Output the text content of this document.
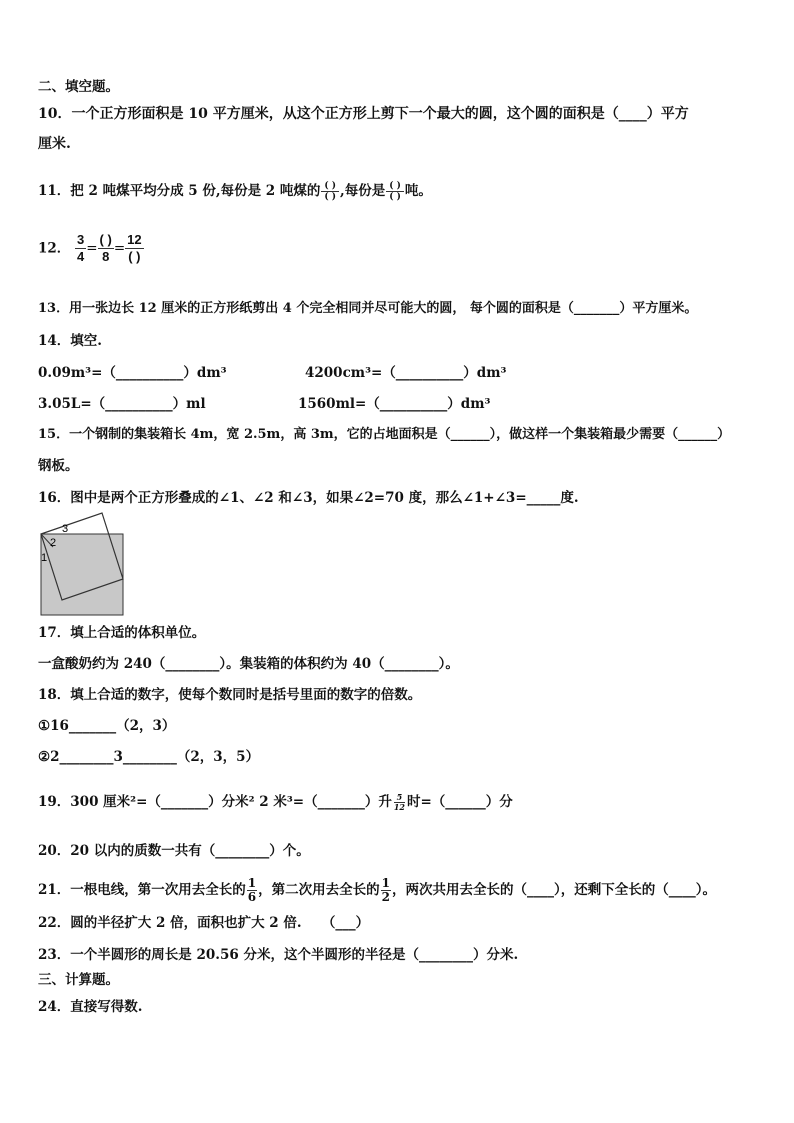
二、填空题。
10．一个正方形面积是 10 平方厘米，从这个正方形上剪下一个最大的圆，这个圆的面积是（____）平方
厘米.
11．把 2 吨煤平均分成 5 份,每份是 2 吨煤的 $\frac{( )}{( )}$ ,每份是 $\frac{( )}{( )}$ 吨。
12． $\frac{3}{4} = \frac{( )}{8} = \frac{12}{( )}$
13．用一张边长 12 厘米的正方形纸剪出 4 个完全相同并尽可能大的圆， 每个圆的面积是（_______）平方厘米。
14．填空.
0.09m³=（__________）dm³	4200cm³=（__________）dm³
3.05L=（__________）ml	1560ml=（__________）dm³
15．一个钢制的集装箱长 4m，宽 2.5m，高 3m，它的占地面积是（______），做这样一个集装箱最少需要（______）
钢板。
16．图中是两个正方形叠成的∠1、∠2 和∠3，如果∠2=70 度，那么∠1+∠3=_____度.
3
2
1
17．填上合适的体积单位。
一盒酸奶约为 240（________）。集装箱的体积约为 40（________）。
18．填上合适的数字，使每个数同时是括号里面的数字的倍数。
①16_______（2，3）
②2________3________（2，3，5）
19．300 厘米²=（_______）分米² 2 米³=（_______）升 $\frac{5}{12}$ 时=（______）分
20．20 以内的质数一共有（________）个。
21．一根电线，第一次用去全长的 $\frac{1}{6}$ ，第二次用去全长的 $\frac{1}{2}$ ，两次共用去全长的（____），还剩下全长的（____）。
22．圆的半径扩大 2 倍，面积也扩大 2 倍.　　（___）
23．一个半圆形的周长是 20.56 分米，这个半圆形的半径是（________）分米.
三、计算题。
24．直接写得数.
